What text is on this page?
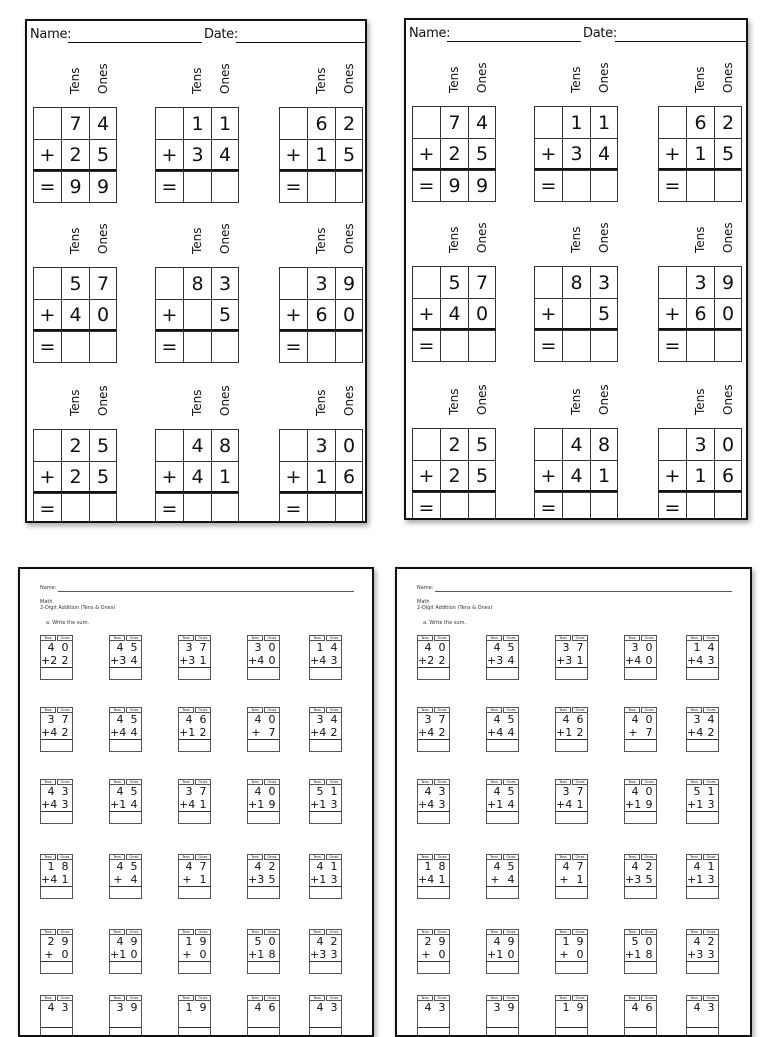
Name:	Date:
Tens Ones
7 4
+ 2 5
= 9 9
Tens Ones
1 1
+ 3 4
=
Tens Ones
6 2
+ 1 5
=
Tens Ones
5 7
+ 4 0
=
Tens Ones
8 3
+	5
=
Tens Ones
3 9
+ 6 0
=
Tens Ones
2 5
+ 2 5
=
Tens Ones
4 8
+ 4 1
=
Tens Ones
3 0
+ 1 6
=
Name:	Date:
Tens Ones
7 4
+ 2 5
= 9 9
Tens Ones
1 1
+ 3 4
=
Tens Ones
6 2
+ 1 5
=
Tens Ones
5 7
+ 4 0
=
Tens Ones
8 3
+	5
=
Tens Ones
3 9
+ 6 0
=
Tens Ones
2 5
+ 2 5
=
Tens Ones
4 8
+ 4 1
=
Tens Ones
3 0
+ 1 6
=
Name:
Math
2-Digit Addition (Tens & Ones)
a. Write the sum.
Tens	Ones
4 0
+2 2
Tens	Ones
4 5
+3 4
Tens	Ones
3 7
+3 1
Tens	Ones
3 0
+4 0
Tens	Ones
1 4
+4 3
Tens	Ones
3 7
+4 2
Tens	Ones
4 5
+4 4
Tens	Ones
4 6
+1 2
Tens	Ones
4 0
+ 7
Tens	Ones
3 4
+4 2
Tens	Ones
4 3
+4 3
Tens	Ones
4 5
+1 4
Tens	Ones
3 7
+4 1
Tens	Ones
4 0
+1 9
Tens	Ones
5 1
+1 3
Tens	Ones
1 8
+4 1
Tens	Ones
4 5
+ 4
Tens	Ones
4 7
+ 1
Tens	Ones
4 2
+3 5
Tens	Ones
4 1
+1 3
Tens	Ones
2 9
+ 0
Tens	Ones
4 9
+1 0
Tens	Ones
1 9
+ 0
Tens	Ones
5 0
+1 8
Tens	Ones
4 2
+3 3
Tens	Ones
4 3
Tens	Ones
3 9
Tens	Ones
1 9
Tens	Ones
4 6
Tens	Ones
4 3
Name:
Math
2-Digit Addition (Tens & Ones)
a. Write the sum.
Tens	Ones
4 0
+2 2
Tens	Ones
4 5
+3 4
Tens	Ones
3 7
+3 1
Tens	Ones
3 0
+4 0
Tens	Ones
1 4
+4 3
Tens	Ones
3 7
+4 2
Tens	Ones
4 5
+4 4
Tens	Ones
4 6
+1 2
Tens	Ones
4 0
+ 7
Tens	Ones
3 4
+4 2
Tens	Ones
4 3
+4 3
Tens	Ones
4 5
+1 4
Tens	Ones
3 7
+4 1
Tens	Ones
4 0
+1 9
Tens	Ones
5 1
+1 3
Tens	Ones
1 8
+4 1
Tens	Ones
4 5
+ 4
Tens	Ones
4 7
+ 1
Tens	Ones
4 2
+3 5
Tens	Ones
4 1
+1 3
Tens	Ones
2 9
+ 0
Tens	Ones
4 9
+1 0
Tens	Ones
1 9
+ 0
Tens	Ones
5 0
+1 8
Tens	Ones
4 2
+3 3
Tens	Ones
4 3
Tens	Ones
3 9
Tens	Ones
1 9
Tens	Ones
4 6
Tens	Ones
4 3
